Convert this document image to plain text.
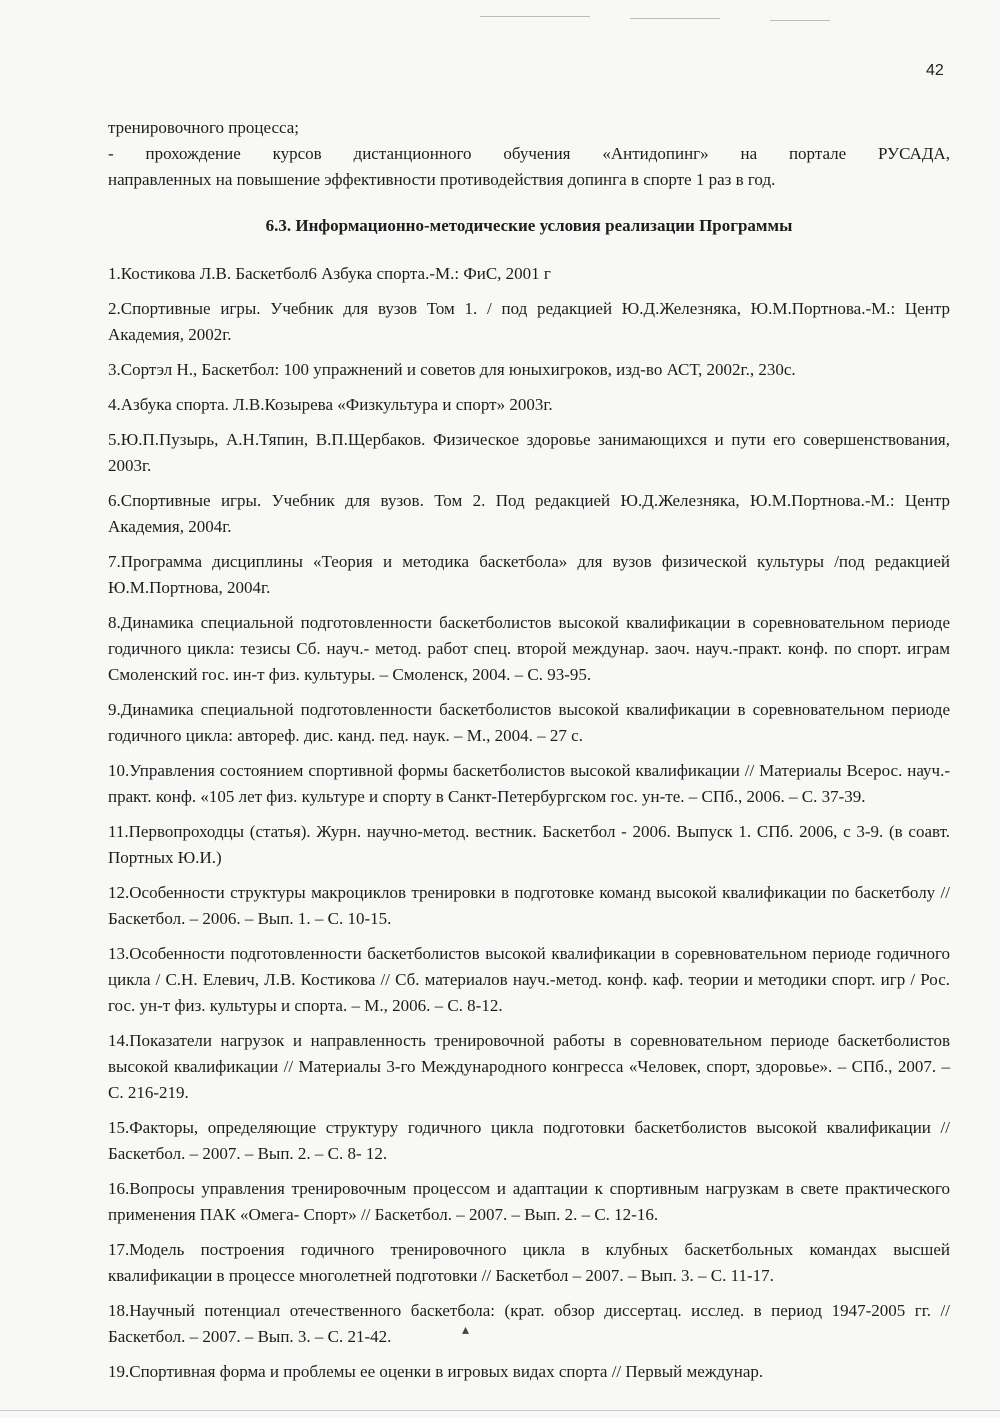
42
тренировочного процесса;
- прохождение курсов дистанционного обучения «Антидопинг» на портале РУСАДА,
направленных на повышение эффективности противодействия допинга в спорте 1 раз в год.
6.3. Информационно-методические условия реализации Программы
1.Костикова Л.В. Баскетбол6 Азбука спорта.-М.: ФиС, 2001 г
2.Спортивные игры. Учебник для вузов Том 1. / под редакцией Ю.Д.Железняка, Ю.М.Портнова.-М.: Центр Академия, 2002г.
3.Сортэл Н., Баскетбол: 100 упражнений и советов для юныхигроков, изд-во АСТ, 2002г., 230с.
4.Азбука спорта. Л.В.Козырева «Физкультура и спорт» 2003г.
5.Ю.П.Пузырь, А.Н.Тяпин, В.П.Щербаков. Физическое здоровье занимающихся и пути его совершенствования, 2003г.
6.Спортивные игры. Учебник для вузов. Том 2. Под редакцией Ю.Д.Железняка, Ю.М.Портнова.-М.: Центр Академия, 2004г.
7.Программа дисциплины «Теория и методика баскетбола» для вузов физической культуры /под редакцией Ю.М.Портнова, 2004г.
8.Динамика специальной подготовленности баскетболистов высокой квалификации в соревновательном периоде годичного цикла: тезисы Сб. науч.- метод. работ спец. второй междунар. заоч. науч.-практ. конф. по спорт. играм Смоленский гос. ин-т физ. культуры. – Смоленск, 2004. – С. 93-95.
9.Динамика специальной подготовленности баскетболистов высокой квалификации в соревновательном периоде годичного цикла: автореф. дис. канд. пед. наук. – М., 2004. – 27 с.
10.Управления состоянием спортивной формы баскетболистов высокой квалификации // Материалы Всерос. науч.-практ. конф. «105 лет физ. культуре и спорту в Санкт-Петербургском гос. ун-те. – СПб., 2006. – С. 37-39.
11.Первопроходцы (статья). Журн. научно-метод. вестник. Баскетбол - 2006. Выпуск 1. СПб. 2006, с 3-9. (в соавт. Портных Ю.И.)
12.Особенности структуры макроциклов тренировки в подготовке команд высокой квалификации по баскетболу // Баскетбол. – 2006. – Вып. 1. – С. 10-15.
13.Особенности подготовленности баскетболистов высокой квалификации в соревновательном периоде годичного цикла / С.Н. Елевич, Л.В. Костикова // Сб. материалов науч.-метод. конф. каф. теории и методики спорт. игр / Рос. гос. ун-т физ. культуры и спорта. – М., 2006. – С. 8-12.
14.Показатели нагрузок и направленность тренировочной работы в соревновательном периоде баскетболистов высокой квалификации // Материалы 3-го Международного конгресса «Человек, спорт, здоровье». – СПб., 2007. – С. 216-219.
15.Факторы, определяющие структуру годичного цикла подготовки баскетболистов высокой квалификации // Баскетбол. – 2007. – Вып. 2. – С. 8- 12.
16.Вопросы управления тренировочным процессом и адаптации к спортивным нагрузкам в свете практического применения ПАК «Омега- Спорт» // Баскетбол. – 2007. – Вып. 2. – С. 12-16.
17.Модель построения годичного тренировочного цикла в клубных баскетбольных командах высшей квалификации в процессе многолетней подготовки // Баскетбол – 2007. – Вып. 3. – С. 11-17.
18.Научный потенциал отечественного баскетбола: (крат. обзор диссертац. исслед. в период 1947-2005 гг. // Баскетбол. – 2007. – Вып. 3. – С. 21-42.
19.Спортивная форма и проблемы ее оценки в игровых видах спорта // Первый междунар.
▴
